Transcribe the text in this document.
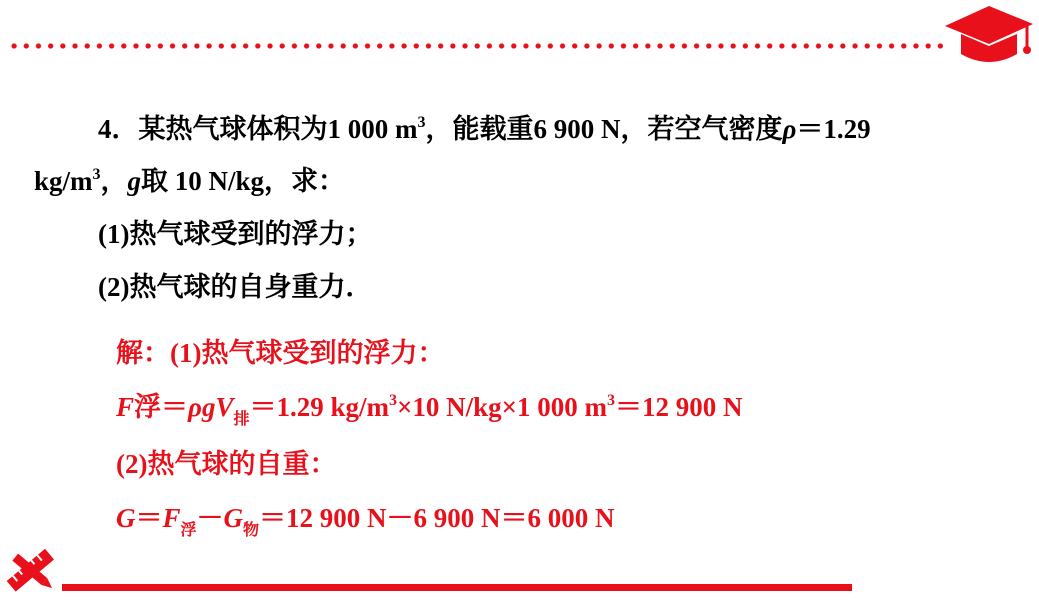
4．某热气球体积为1 000 $m^3$，能载重6 900 N，若空气密度ρ＝1.29
$kg/m^3$，g取 10 N/kg，求：
(1)热气球受到的浮力；
(2)热气球的自身重力．
解：(1)热气球受到的浮力：
F浮＝ρgV$_排$＝1.29 $kg/m^3\times 10$ N/kg×1 000 $m^3=12$ 900 N
(2)热气球的自重：
$G=F_浮-G_物=12$ 900 N－6 900 N＝6 000 N
